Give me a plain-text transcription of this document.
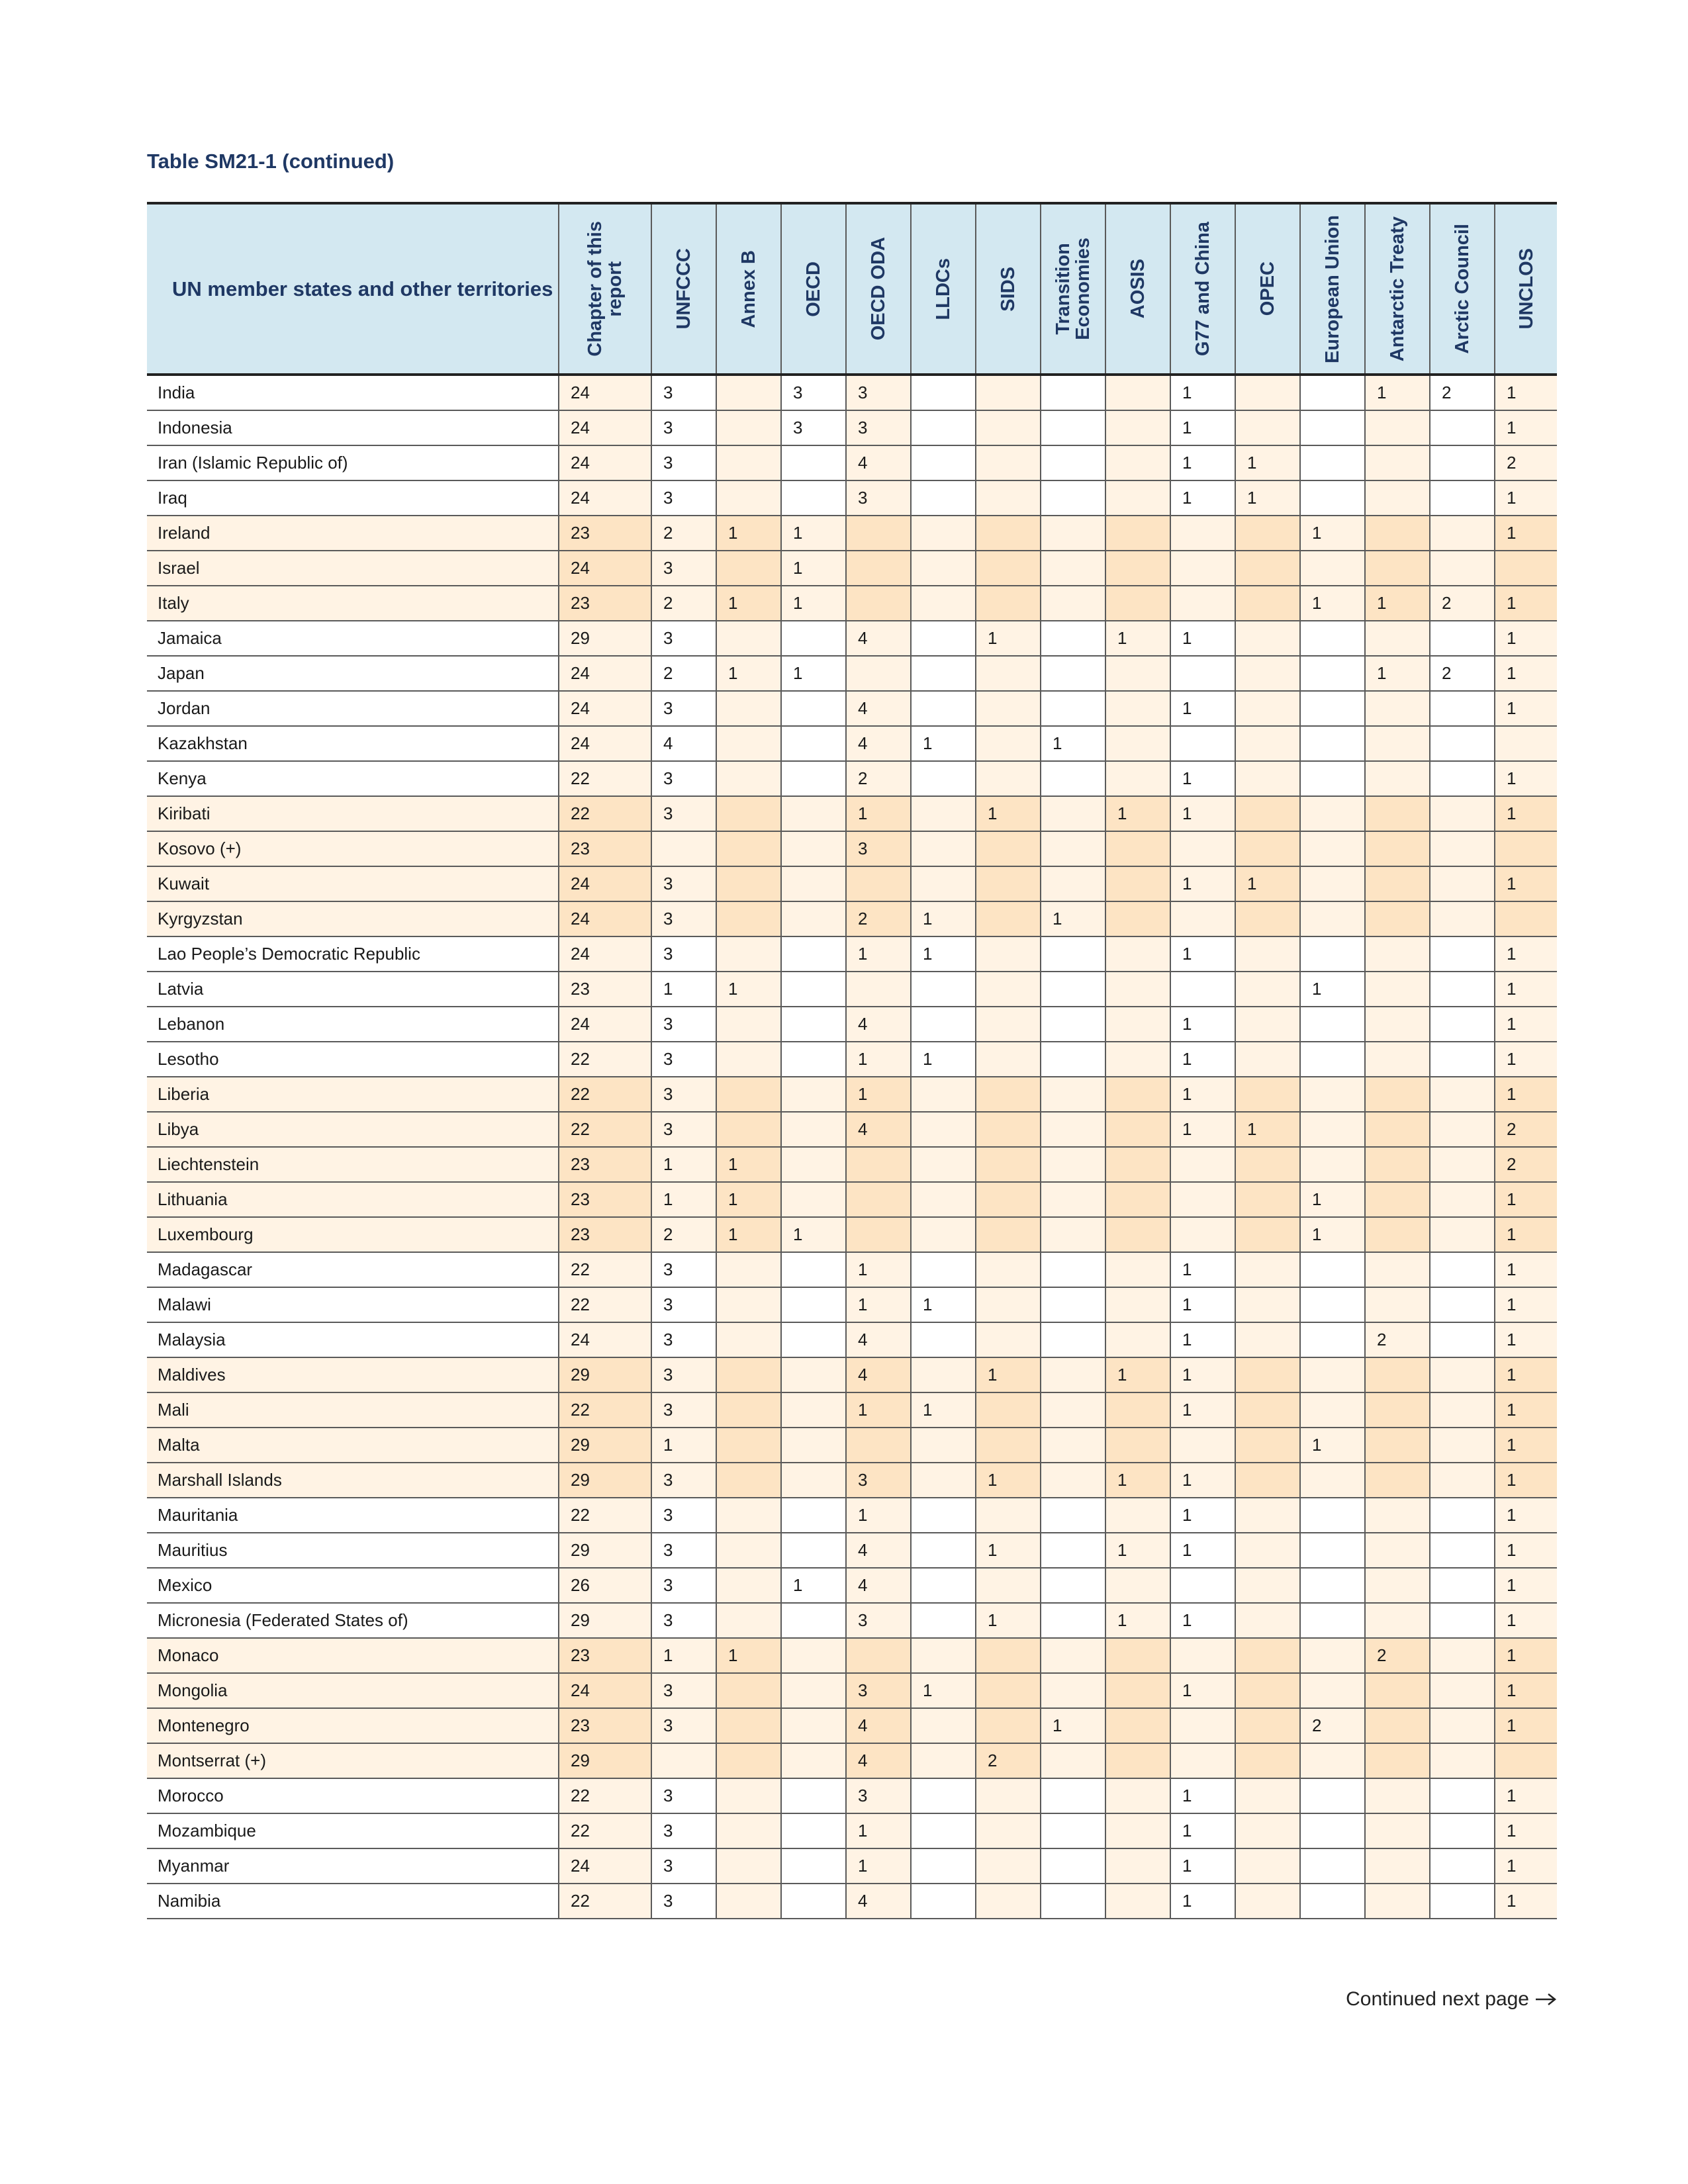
Table SM21-1 (continued)
UN member states and other territories	Chapter of this
report	UNFCCC	Annex B	OECD	OECD ODA	LLDCs	SIDS	Transition
Economies	AOSIS	G77 and China	OPEC	European Union	Antarctic Treaty	Arctic Council	UNCLOS

India	24	3		3	3					1			1	2	1
Indonesia	24	3		3	3					1					1
Iran (Islamic Republic of)	24	3			4					1	1				2
Iraq	24	3			3					1	1				1
Ireland	23	2	1	1								1			1
Israel	24	3		1											
Italy	23	2	1	1								1	1	2	1
Jamaica	29	3			4		1		1	1					1
Japan	24	2	1	1									1	2	1
Jordan	24	3			4					1					1
Kazakhstan	24	4			4	1		1							
Kenya	22	3			2					1					1
Kiribati	22	3			1		1		1	1					1
Kosovo (+)	23				3										
Kuwait	24	3								1	1				1
Kyrgyzstan	24	3			2	1		1							
Lao People’s Democratic Republic	24	3			1	1				1					1
Latvia	23	1	1									1			1
Lebanon	24	3			4					1					1
Lesotho	22	3			1	1				1					1
Liberia	22	3			1					1					1
Libya	22	3			4					1	1				2
Liechtenstein	23	1	1												2
Lithuania	23	1	1									1			1
Luxembourg	23	2	1	1								1			1
Madagascar	22	3			1					1					1
Malawi	22	3			1	1				1					1
Malaysia	24	3			4					1			2		1
Maldives	29	3			4		1		1	1					1
Mali	22	3			1	1				1					1
Malta	29	1										1			1
Marshall Islands	29	3			3		1		1	1					1
Mauritania	22	3			1					1					1
Mauritius	29	3			4		1		1	1					1
Mexico	26	3		1	4										1
Micronesia (Federated States of)	29	3			3		1		1	1					1
Monaco	23	1	1										2		1
Mongolia	24	3			3	1				1					1
Montenegro	23	3			4			1				2			1
Montserrat (+)	29				4		2								
Morocco	22	3			3					1					1
Mozambique	22	3			1					1					1
Myanmar	24	3			1					1					1
Namibia	22	3			4					1					1
Continued next page
